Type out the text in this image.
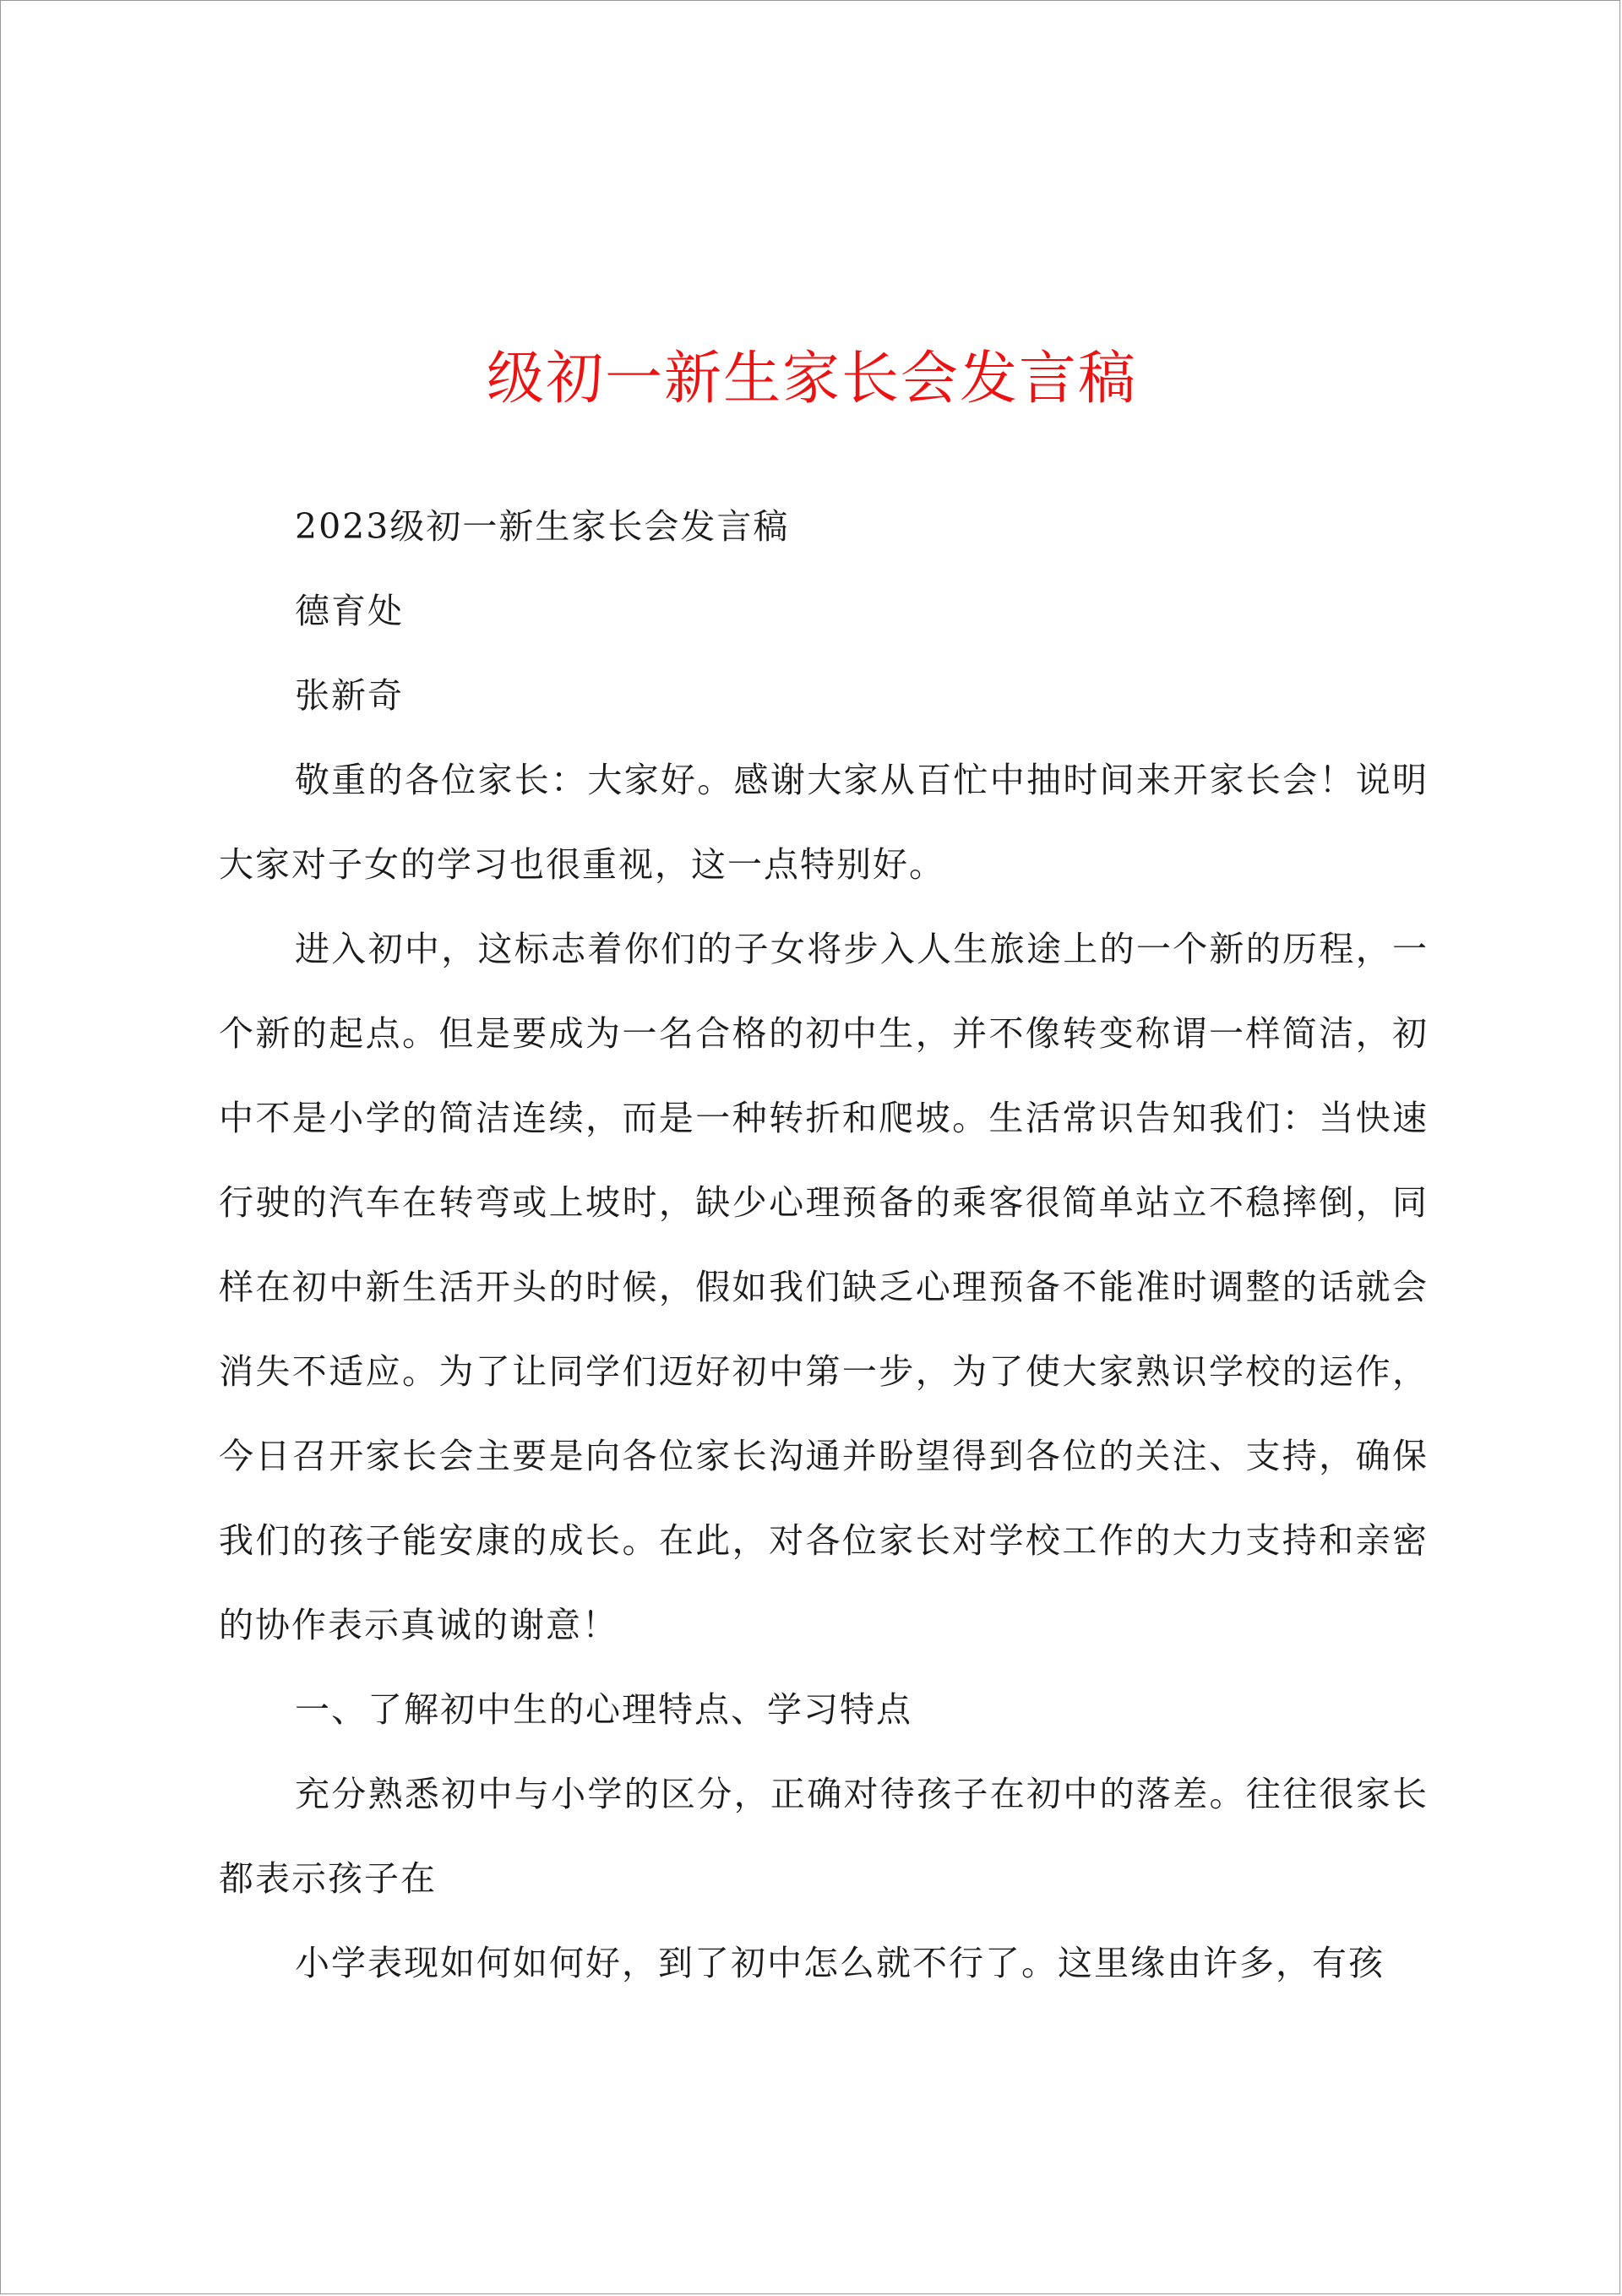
级初一新生家长会发言稿

2023级初一新生家长会发言稿

德育处

张新奇

敬重的各位家长：大家好。感谢大家从百忙中抽时间来开家长会！说明大家对子女的学习也很重视，这一点特别好。

进入初中，这标志着你们的子女将步入人生旅途上的一个新的历程，一个新的起点。但是要成为一名合格的初中生，并不像转变称谓一样简洁，初中不是小学的简洁连续，而是一种转折和爬坡。生活常识告知我们：当快速行驶的汽车在转弯或上坡时，缺少心理预备的乘客很简单站立不稳摔倒，同样在初中新生活开头的时候，假如我们缺乏心理预备不能准时调整的话就会消失不适应。为了让同学们迈好初中第一步，为了使大家熟识学校的运作，今日召开家长会主要是向各位家长沟通并盼望得到各位的关注、支持，确保我们的孩子能安康的成长。在此，对各位家长对学校工作的大力支持和亲密的协作表示真诚的谢意！

一、了解初中生的心理特点、学习特点

充分熟悉初中与小学的区分，正确对待孩子在初中的落差。往往很家长都表示孩子在

小学表现如何如何好，到了初中怎么就不行了。这里缘由许多，有孩
